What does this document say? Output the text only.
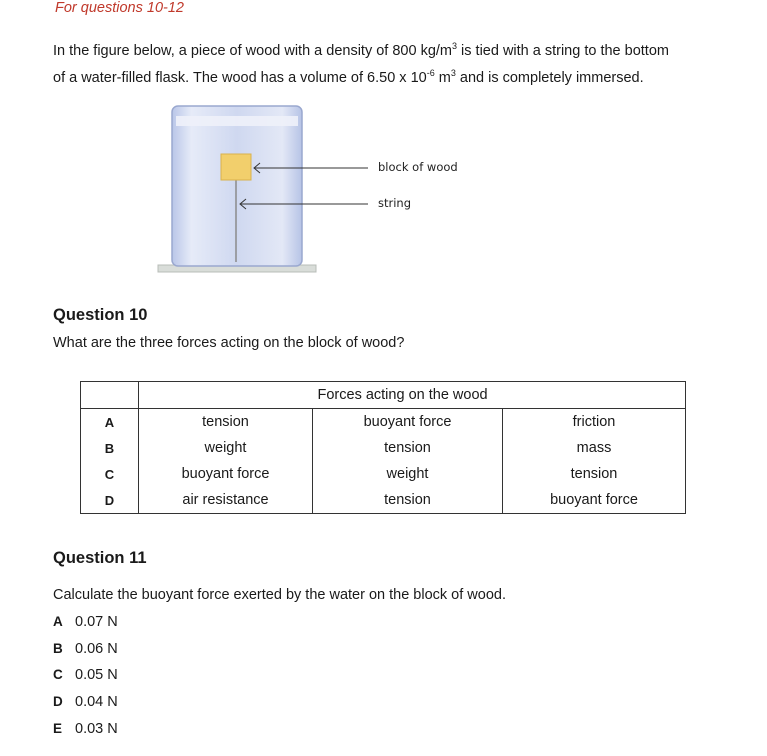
For questions 10-12
In the figure below, a piece of wood with a density of 800 $kg/m^3$ is tied with a string to the bottom
of a water-filled flask. The wood has a volume of 6.50 x $10^{-6}$ $m^3$ and is completely immersed.
block of wood
string
Question 10
What are the three forces acting on the block of wood?
		Forces acting on the wood	
A	tension	buoyant force	friction
B	weight	tension	mass
C	buoyant force	weight	tension
D	air resistance	tension	buoyant force
Question 11
Calculate the buoyant force exerted by the water on the block of wood.
A 0.07 N
B 0.06 N
C 0.05 N
D 0.04 N
E 0.03 N
